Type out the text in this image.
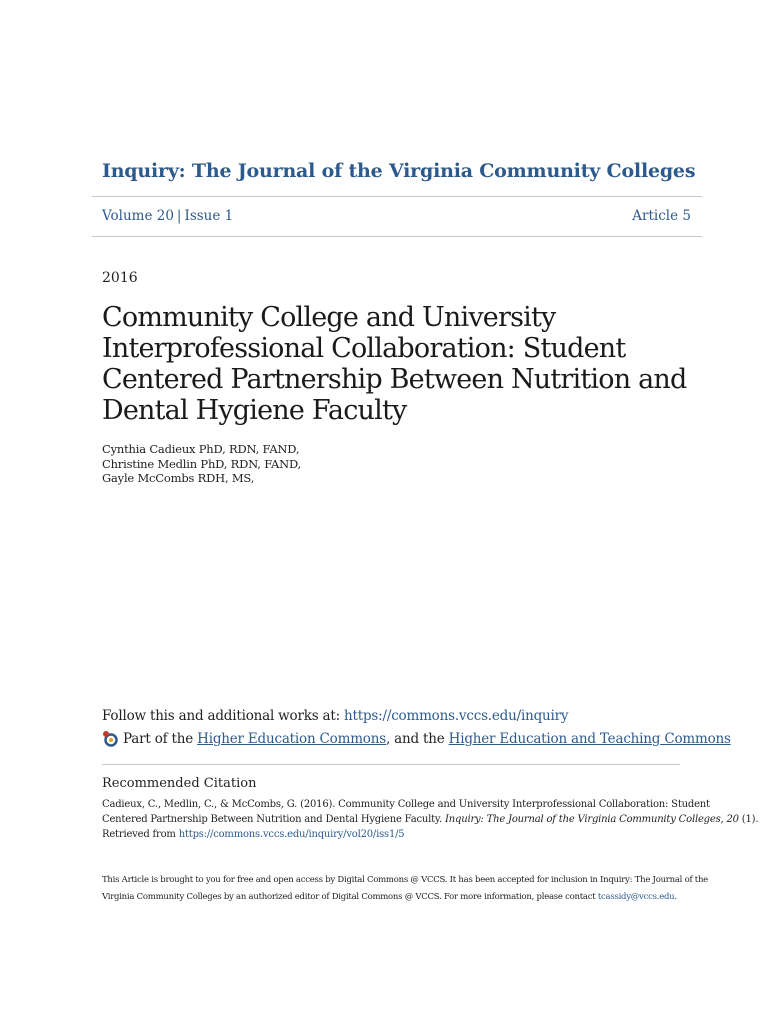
Inquiry: The Journal of the Virginia Community Colleges
Volume 20 | Issue 1	Article 5
2016
Community College and University Interprofessional Collaboration: Student Centered Partnership Between Nutrition and Dental Hygiene Faculty
Cynthia Cadieux PhD, RDN, FAND,
Christine Medlin PhD, RDN, FAND,
Gayle McCombs RDH, MS,
Follow this and additional works at: https://commons.vccs.edu/inquiry
Part of the
Higher Education Commons , and the
Higher Education and Teaching Commons
Recommended Citation
Cadieux, C., Medlin, C., & McCombs, G. (2016). Community College and University Interprofessional Collaboration: Student
Centered Partnership Between Nutrition and Dental Hygiene Faculty. Inquiry: The Journal of the Virginia Community Colleges, 20 (1).
Retrieved from https://commons.vccs.edu/inquiry/vol20/iss1/5
This Article is brought to you for free and open access by Digital Commons @ VCCS. It has been accepted for inclusion in Inquiry: The Journal of the
Virginia Community Colleges by an authorized editor of Digital Commons @ VCCS. For more information, please contact tcassidy@vccs.edu.
